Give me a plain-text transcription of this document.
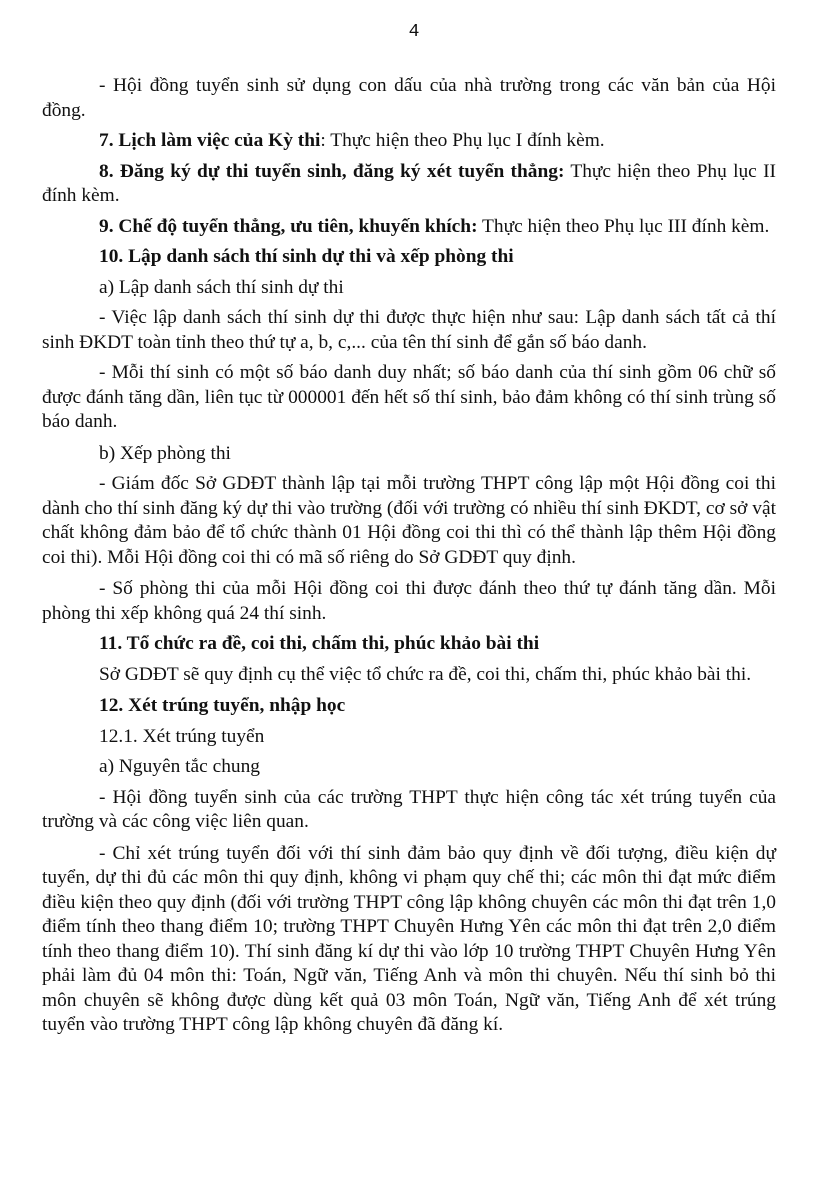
4

- Hội đồng tuyển sinh sử dụng con dấu của nhà trường trong các văn bản của Hội đồng.

7. Lịch làm việc của Kỳ thi: Thực hiện theo Phụ lục I đính kèm.

8. Đăng ký dự thi tuyển sinh, đăng ký xét tuyển thẳng: Thực hiện theo Phụ lục II đính kèm.

9. Chế độ tuyển thẳng, ưu tiên, khuyến khích: Thực hiện theo Phụ lục III đính kèm.

10. Lập danh sách thí sinh dự thi và xếp phòng thi

a) Lập danh sách thí sinh dự thi

- Việc lập danh sách thí sinh dự thi được thực hiện như sau: Lập danh sách tất cả thí sinh ĐKDT toàn tỉnh theo thứ tự a, b, c,... của tên thí sinh để gắn số báo danh.

- Mỗi thí sinh có một số báo danh duy nhất; số báo danh của thí sinh gồm 06 chữ số được đánh tăng dần, liên tục từ 000001 đến hết số thí sinh, bảo đảm không có thí sinh trùng số báo danh.

b) Xếp phòng thi

- Giám đốc Sở GDĐT thành lập tại mỗi trường THPT công lập một Hội đồng coi thi dành cho thí sinh đăng ký dự thi vào trường (đối với trường có nhiều thí sinh ĐKDT, cơ sở vật chất không đảm bảo để tổ chức thành 01 Hội đồng coi thi thì có thể thành lập thêm Hội đồng coi thi). Mỗi Hội đồng coi thi có mã số riêng do Sở GDĐT quy định.

- Số phòng thi của mỗi Hội đồng coi thi được đánh theo thứ tự đánh tăng dần. Mỗi phòng thi xếp không quá 24 thí sinh.

11. Tổ chức ra đề, coi thi, chấm thi, phúc khảo bài thi

Sở GDĐT sẽ quy định cụ thể việc tổ chức ra đề, coi thi, chấm thi, phúc khảo bài thi.

12. Xét trúng tuyển, nhập học

12.1. Xét trúng tuyển

a) Nguyên tắc chung

- Hội đồng tuyển sinh của các trường THPT thực hiện công tác xét trúng tuyển của trường và các công việc liên quan.

- Chỉ xét trúng tuyển đối với thí sinh đảm bảo quy định về đối tượng, điều kiện dự tuyển, dự thi đủ các môn thi quy định, không vi phạm quy chế thi; các môn thi đạt mức điểm điều kiện theo quy định (đối với trường THPT công lập không chuyên các môn thi đạt trên 1,0 điểm tính theo thang điểm 10; trường THPT Chuyên Hưng Yên các môn thi đạt trên 2,0 điểm tính theo thang điểm 10). Thí sinh đăng kí dự thi vào lớp 10 trường THPT Chuyên Hưng Yên phải làm đủ 04 môn thi: Toán, Ngữ văn, Tiếng Anh và môn thi chuyên. Nếu thí sinh bỏ thi môn chuyên sẽ không được dùng kết quả 03 môn Toán, Ngữ văn, Tiếng Anh để xét trúng tuyển vào trường THPT công lập không chuyên đã đăng kí.
